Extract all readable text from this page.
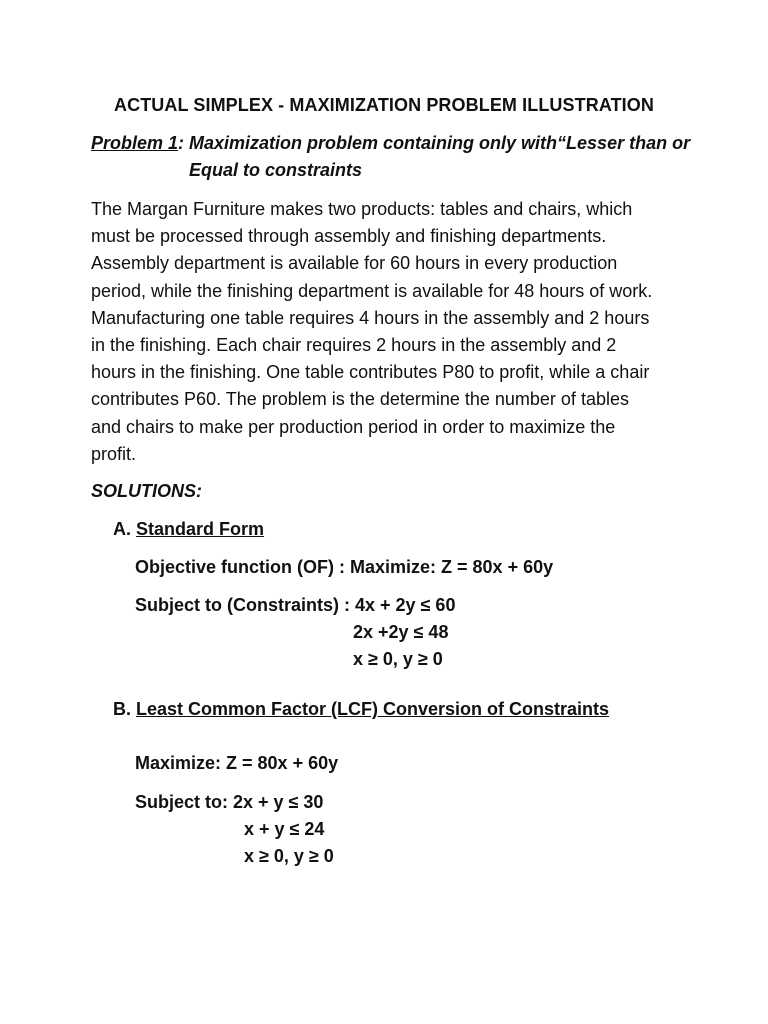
ACTUAL SIMPLEX - MAXIMIZATION PROBLEM ILLUSTRATION
Problem 1: Maximization problem containing only with“Lesser than or
Equal to constraints
The Margan Furniture makes two products: tables and chairs, which
must be processed through assembly and finishing departments.
Assembly department is available for 60 hours in every production
period, while the finishing department is available for 48 hours of work.
Manufacturing one table requires 4 hours in the assembly and 2 hours
in the finishing. Each chair requires 2 hours in the assembly and 2
hours in the finishing. One table contributes P80 to profit, while a chair
contributes P60. The problem is the determine the number of tables
and chairs to make per production period in order to maximize the
profit.
SOLUTIONS:
A. Standard Form
Objective function (OF) : Maximize: Z = 80x + 60y
Subject to (Constraints) : 4x + 2y ≤ 60
2x +2y ≤ 48
x ≥ 0, y ≥ 0
B. Least Common Factor (LCF) Conversion of Constraints
Maximize: Z = 80x + 60y
Subject to: 2x + y ≤ 30
x + y ≤ 24
x ≥ 0, y ≥ 0
